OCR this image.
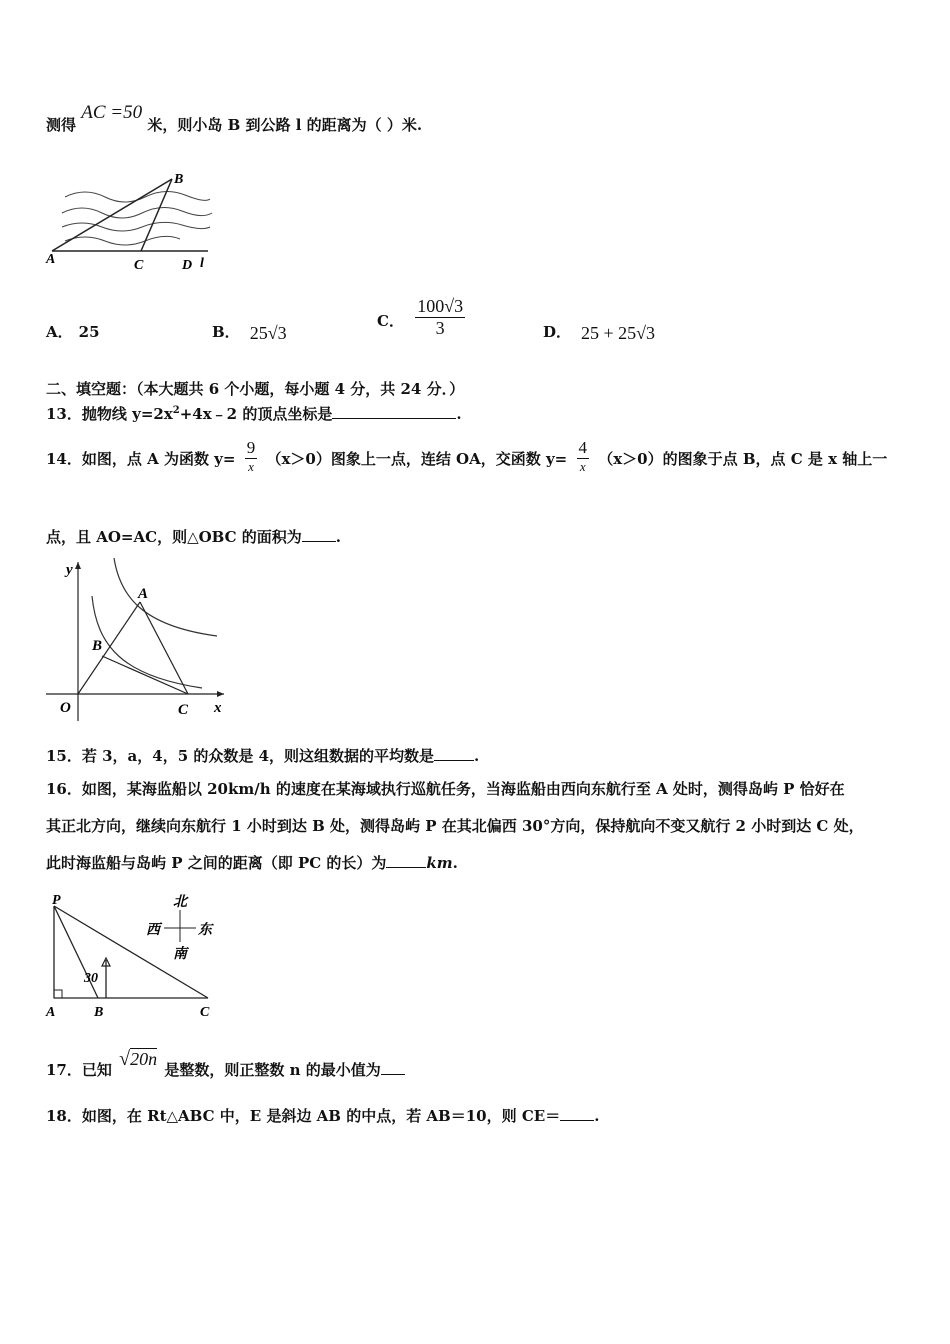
测得 AC =50 米，则小岛 B 到公路 l 的距离为（ ）米.
B
A	C	D l
A． 25	B． 25√3
C． $\frac{100√3}{3}$	D． 25 + 25√3
二、填空题：（本大题共 6 个小题，每小题 4 分，共 24 分．）
13．抛物线 $y=2x^2+4x﹣2$ 的顶点坐标是	.
14．如图，点 A 为函数 $y= \frac{9}{x} (x>0)$图象上一点，连结 OA，交函数 $y= \frac{4}{x} (x>0)$的图象于点 B，点 C 是 x 轴上一
点，且 AO=AC，则△OBC 的面积为 .
y
x
O
A
B
C
15．若 3，a，4，5 的众数是 4，则这组数据的平均数是	.
16．如图，某海监船以 20km/h 的速度在某海域执行巡航任务，当海监船由西向东航行至 A 处时，测得岛屿 P 恰好在
其正北方向，继续向东航行 1 小时到达 B 处，测得岛屿 P 在其北偏西 30°方向，保持航向不变又航行 2 小时到达 C 处，
此时海监船与岛屿 P 之间的距离（即 PC 的长）为	km.
30
P
A	B	C
北
南
西	东
17．已知 √20n 是整数，则正整数 n 的最小值为
18．如图，在 Rt△ABC 中，E 是斜边 AB 的中点，若 AB＝10，则 CE＝ .
